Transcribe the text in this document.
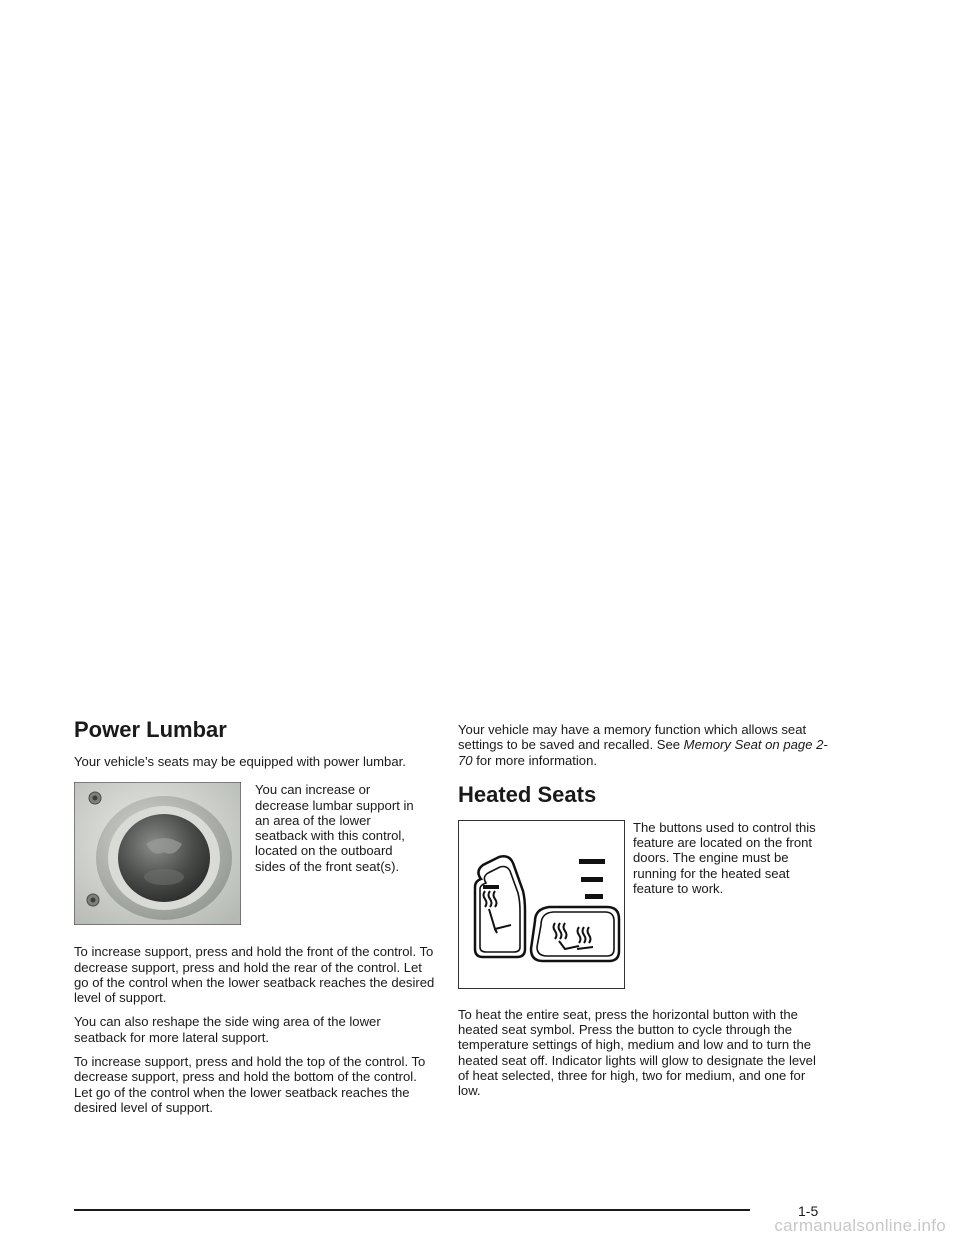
Power Lumbar

Your vehicle’s seats may be equipped with power lumbar.

You can increase or decrease lumbar support in an area of the lower seatback with this control, located on the outboard sides of the front seat(s).

To increase support, press and hold the front of the control. To decrease support, press and hold the rear of the control. Let go of the control when the lower seatback reaches the desired level of support.

You can also reshape the side wing area of the lower seatback for more lateral support.

To increase support, press and hold the top of the control. To decrease support, press and hold the bottom of the control. Let go of the control when the lower seatback reaches the desired level of support.

Your vehicle may have a memory function which allows seat settings to be saved and recalled. See Memory Seat on page 2-70 for more information.

Heated Seats

The buttons used to control this feature are located on the front doors. The engine must be running for the heated seat feature to work.

To heat the entire seat, press the horizontal button with the heated seat symbol. Press the button to cycle through the temperature settings of high, medium and low and to turn the heated seat off. Indicator lights will glow to designate the level of heat selected, three for high, two for medium, and one for low.

1-5
carmanualsonline.info
